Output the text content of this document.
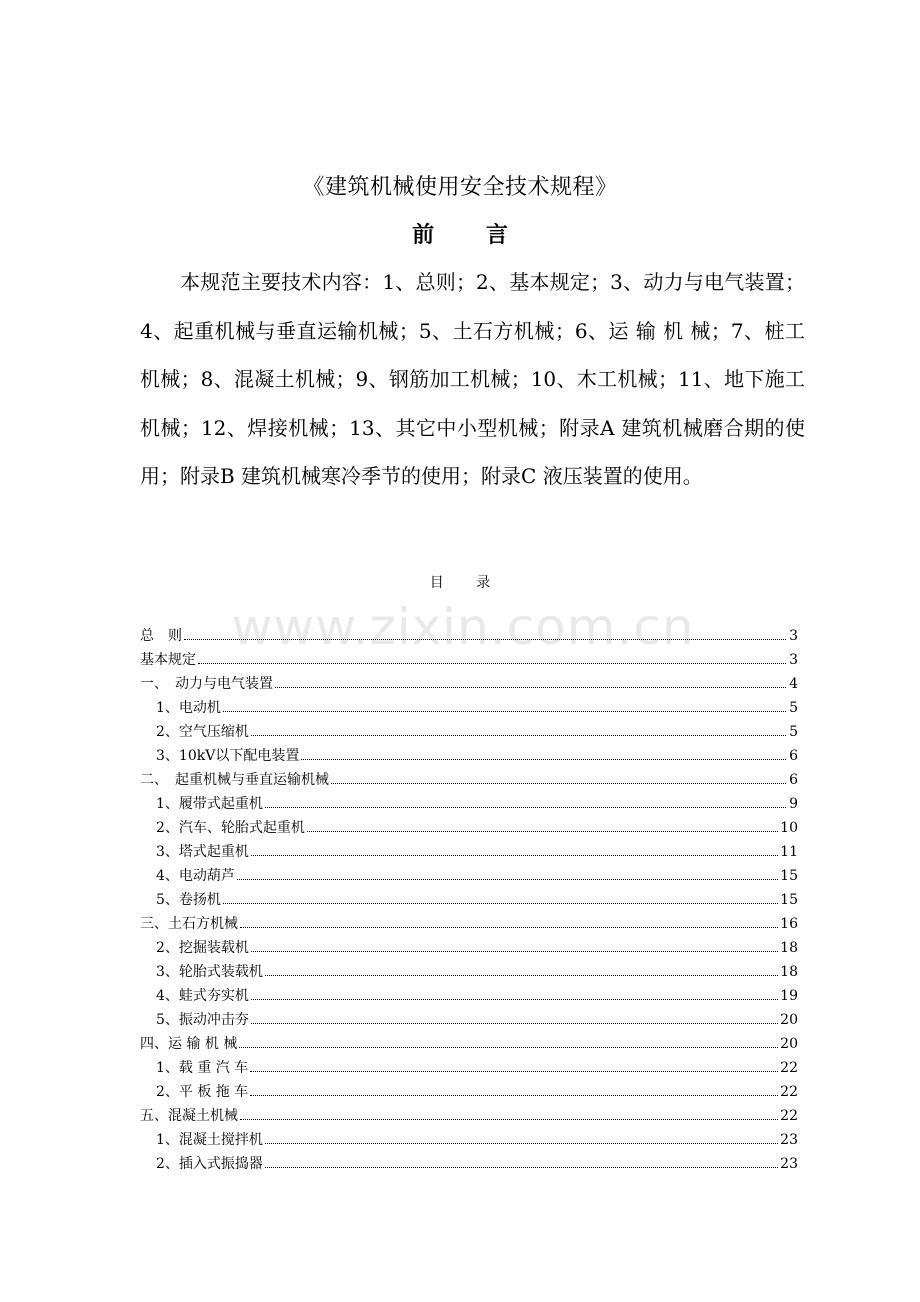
www.zixin.com.cn
《建筑机械使用安全技术规程》
前 言

本规范主要技术内容：1、总则；2、基本规定；3、动力与电气装置；4、起重机械与垂直运输机械；5、土石方机械；6、运 输 机 械；7、桩工机械；8、混凝土机械；9、钢筋加工机械；10、木工机械；11、地下施工机械；12、焊接机械；13、其它中小型机械；附录A 建筑机械磨合期的使用；附录B 建筑机械寒冷季节的使用；附录C 液压装置的使用。

目 录
总　则	3
基本规定	3
一、　动力与电气装置	4
1、电动机	5
2、空气压缩机	5
3、10kV以下配电装置	6
二、　起重机械与垂直运输机械	6
1、履带式起重机	9
2、汽车、轮胎式起重机	10
3、塔式起重机	11
4、电动葫芦	15
5、卷扬机	15
三、土石方机械	16
2、挖掘装载机	18
3、轮胎式装载机	18
4、蛙式夯实机	19
5、振动冲击夯	20
四、运 输 机 械	20
1、载 重 汽 车	22
2、平 板 拖 车	22
五、混凝土机械	22
1、混凝土搅拌机	23
2、插入式振捣器	23
